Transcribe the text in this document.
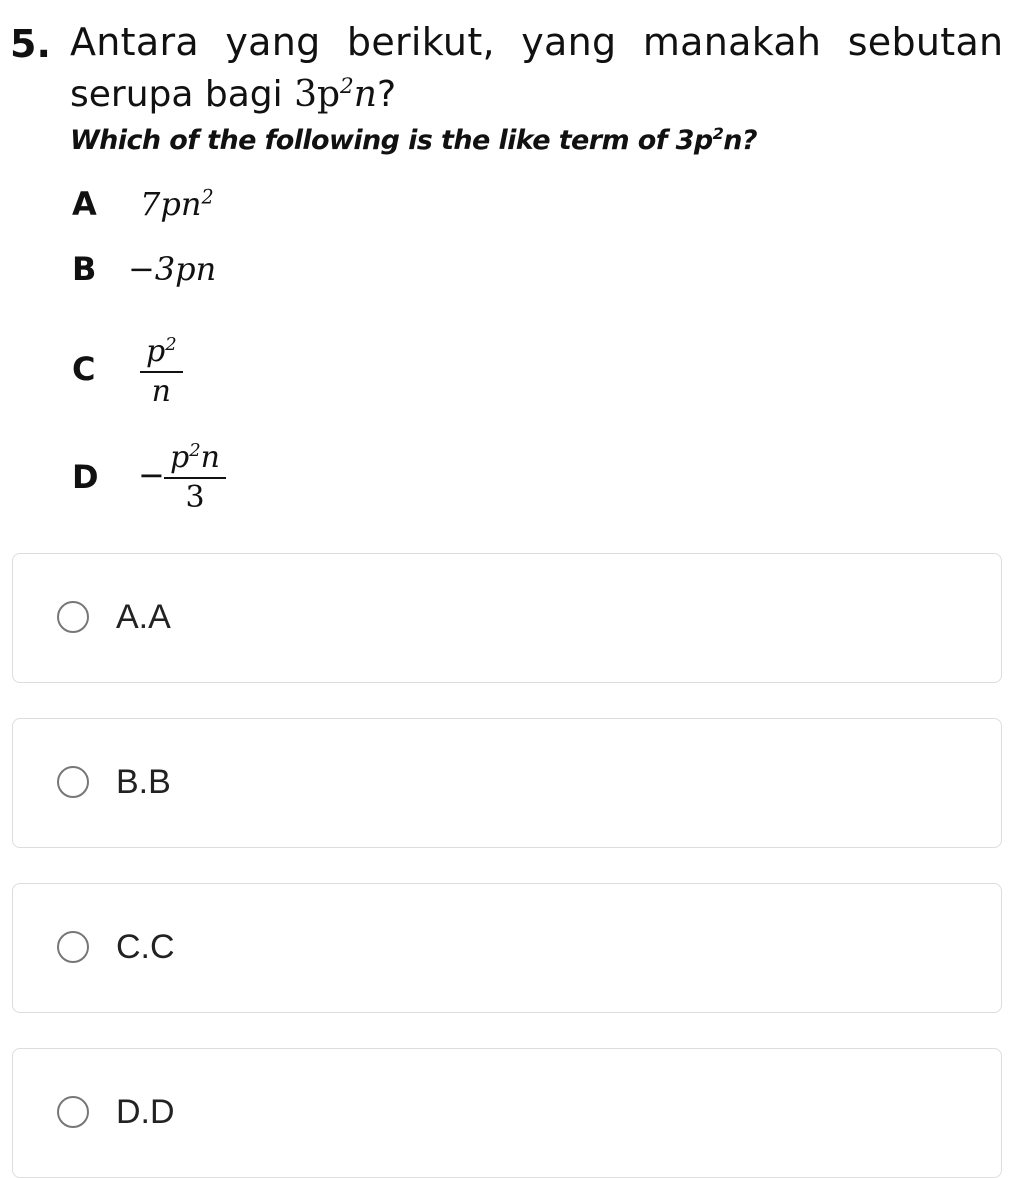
5. Antara yang berikut, yang manakah sebutan
serupa bagi $3p^2n$?
Which of the following is the like term of $3p^2n$?
A $7pn^2$
B −3pn
C $\frac{p^2}{n}$
$D - \frac{p^2n}{3}$
A.A
B.B
C.C
D.D
